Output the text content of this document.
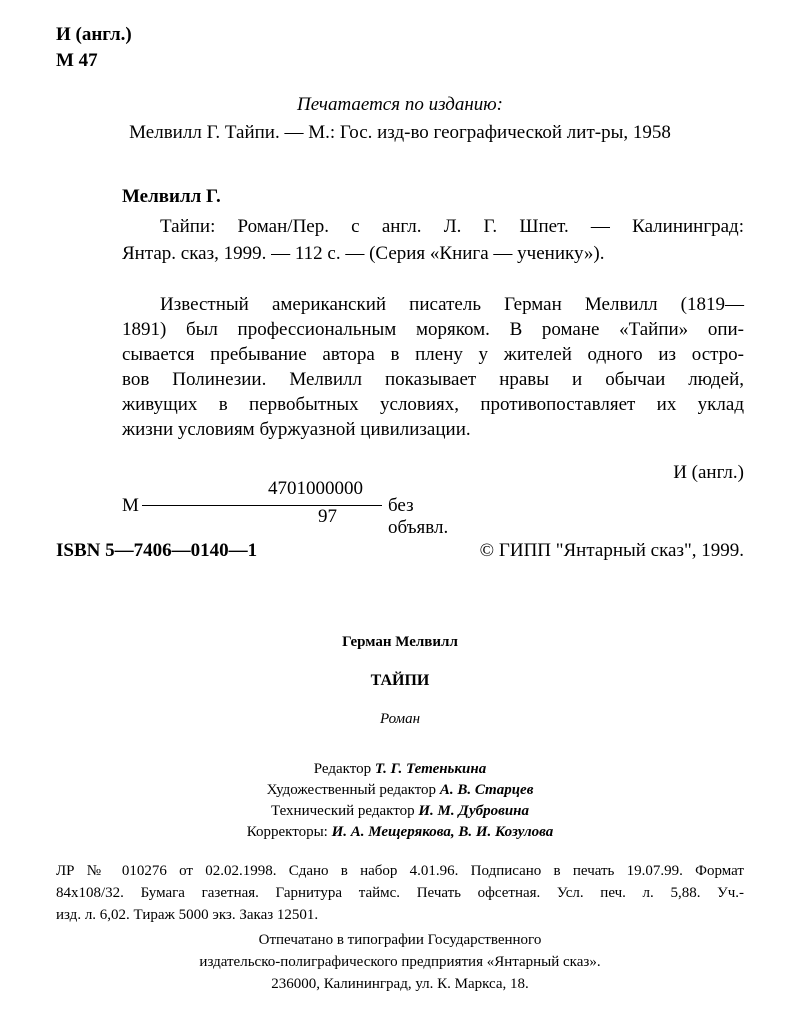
И (англ.)
М 47
Печатается по изданию:
Мелвилл Г. Тайпи. — М.: Гос. изд-во географической лит-ры, 1958
Мелвилл Г.
Тайпи: Роман/Пер. с англ. Л. Г. Шпет. — Калининград:
Янтар. сказ, 1999. — 112 с. — (Серия «Книга — ученику»).
Известный американский писатель Герман Мелвилл (1819—
1891) был профессиональным моряком. В романе «Тайпи» опи-
сывается пребывание автора в плену у жителей одного из остро-
вов Полинезии. Мелвилл показывает нравы и обычаи людей,
живущих в первобытных условиях, противопоставляет их уклад
жизни условиям буржуазной цивилизации.
И (англ.)
М
4701000000
97
без объявл.
ISBN 5—7406—0140—1	© ГИПП "Янтарный сказ", 1999.
Герман Мелвилл
ТАЙПИ
Роман
Редактор Т. Г. Тетенькина
Художественный редактор А. В. Старцев
Технический редактор И. М. Дубровина
Корректоры: И. А. Мещерякова, В. И. Козулова
ЛР № 010276 от 02.02.1998. Сдано в набор 4.01.96. Подписано в печать 19.07.99. Формат
84х108/32. Бумага газетная. Гарнитура таймс. Печать офсетная. Усл. печ. л. 5,88. Уч.-
изд. л. 6,02. Тираж 5000 экз. Заказ 12501.
Отпечатано в типографии Государственного
издательско-полиграфического предприятия «Янтарный сказ».
236000, Калининград, ул. К. Маркса, 18.
